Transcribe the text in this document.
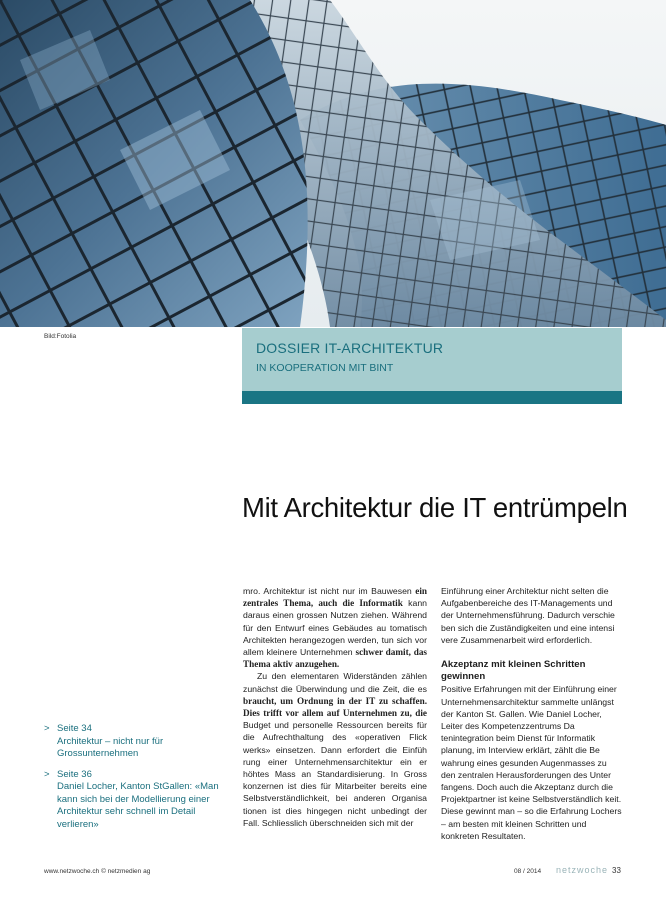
Bild:Fotolia
DOSSIER IT-ARCHITEKTUR
IN KOOPERATION MIT BINT
Mit Architektur die IT entrümpeln

mro. Architektur ist nicht nur im Bauwesen ein zentrales Thema, auch die Informatik kann daraus einen grossen Nutzen ziehen. Während für den Entwurf eines Gebäudes au tomatisch Architekten herangezogen werden, tun sich vor allem kleinere Unternehmen schwer damit, das Thema aktiv anzugehen.

Zu den elementaren Widerständen zählen zunächst die Überwindung und die Zeit, die es braucht, um Ordnung in der IT zu schaffen. Dies trifft vor allem auf Unternehmen zu, die Budget und personelle Ressourcen bereits für die Aufrechthaltung des «operativen Flick werks» einsetzen. Dann erfordert die Einfüh rung einer Unternehmensarchitektur ein er höhtes Mass an Standardisierung. In Gross konzernen ist dies für Mitarbeiter bereits eine Selbstverständlichkeit, bei anderen Organisa tionen ist dies hingegen nicht unbedingt der Fall. Schliesslich überschneiden sich mit der

Einführung einer Architektur nicht selten die Aufgabenbereiche des IT-Managements und der Unternehmensführung. Dadurch verschie ben sich die Zuständigkeiten und eine intensi vere Zusammenarbeit wird erforderlich.

Akzeptanz mit kleinen Schritten gewinnen

Positive Erfahrungen mit der Einführung einer Unternehmensarchitektur sammelte unlängst der Kanton St. Gallen. Wie Daniel Locher, Leiter des Kompetenzzentrums Da tenintegration beim Dienst für Informatik planung, im Interview erklärt, zählt die Be wahrung eines gesunden Augenmasses zu den zentralen Herausforderungen des Unter fangens. Doch auch die Akzeptanz durch die Projektpartner ist keine Selbstverständlich keit. Diese gewinnt man – so die Erfahrung Lochers – am besten mit kleinen Schritten und konkreten Resultaten.

> Seite 34
Architektur – nicht nur für Grossunternehmen
> Seite 36
Daniel Locher, Kanton StGallen: «Man kann sich bei der Modellierung einer Architektur sehr schnell im Detail verlieren»
www.netzwoche.ch © netzmedien ag	08 / 2014 netzwoche 33
